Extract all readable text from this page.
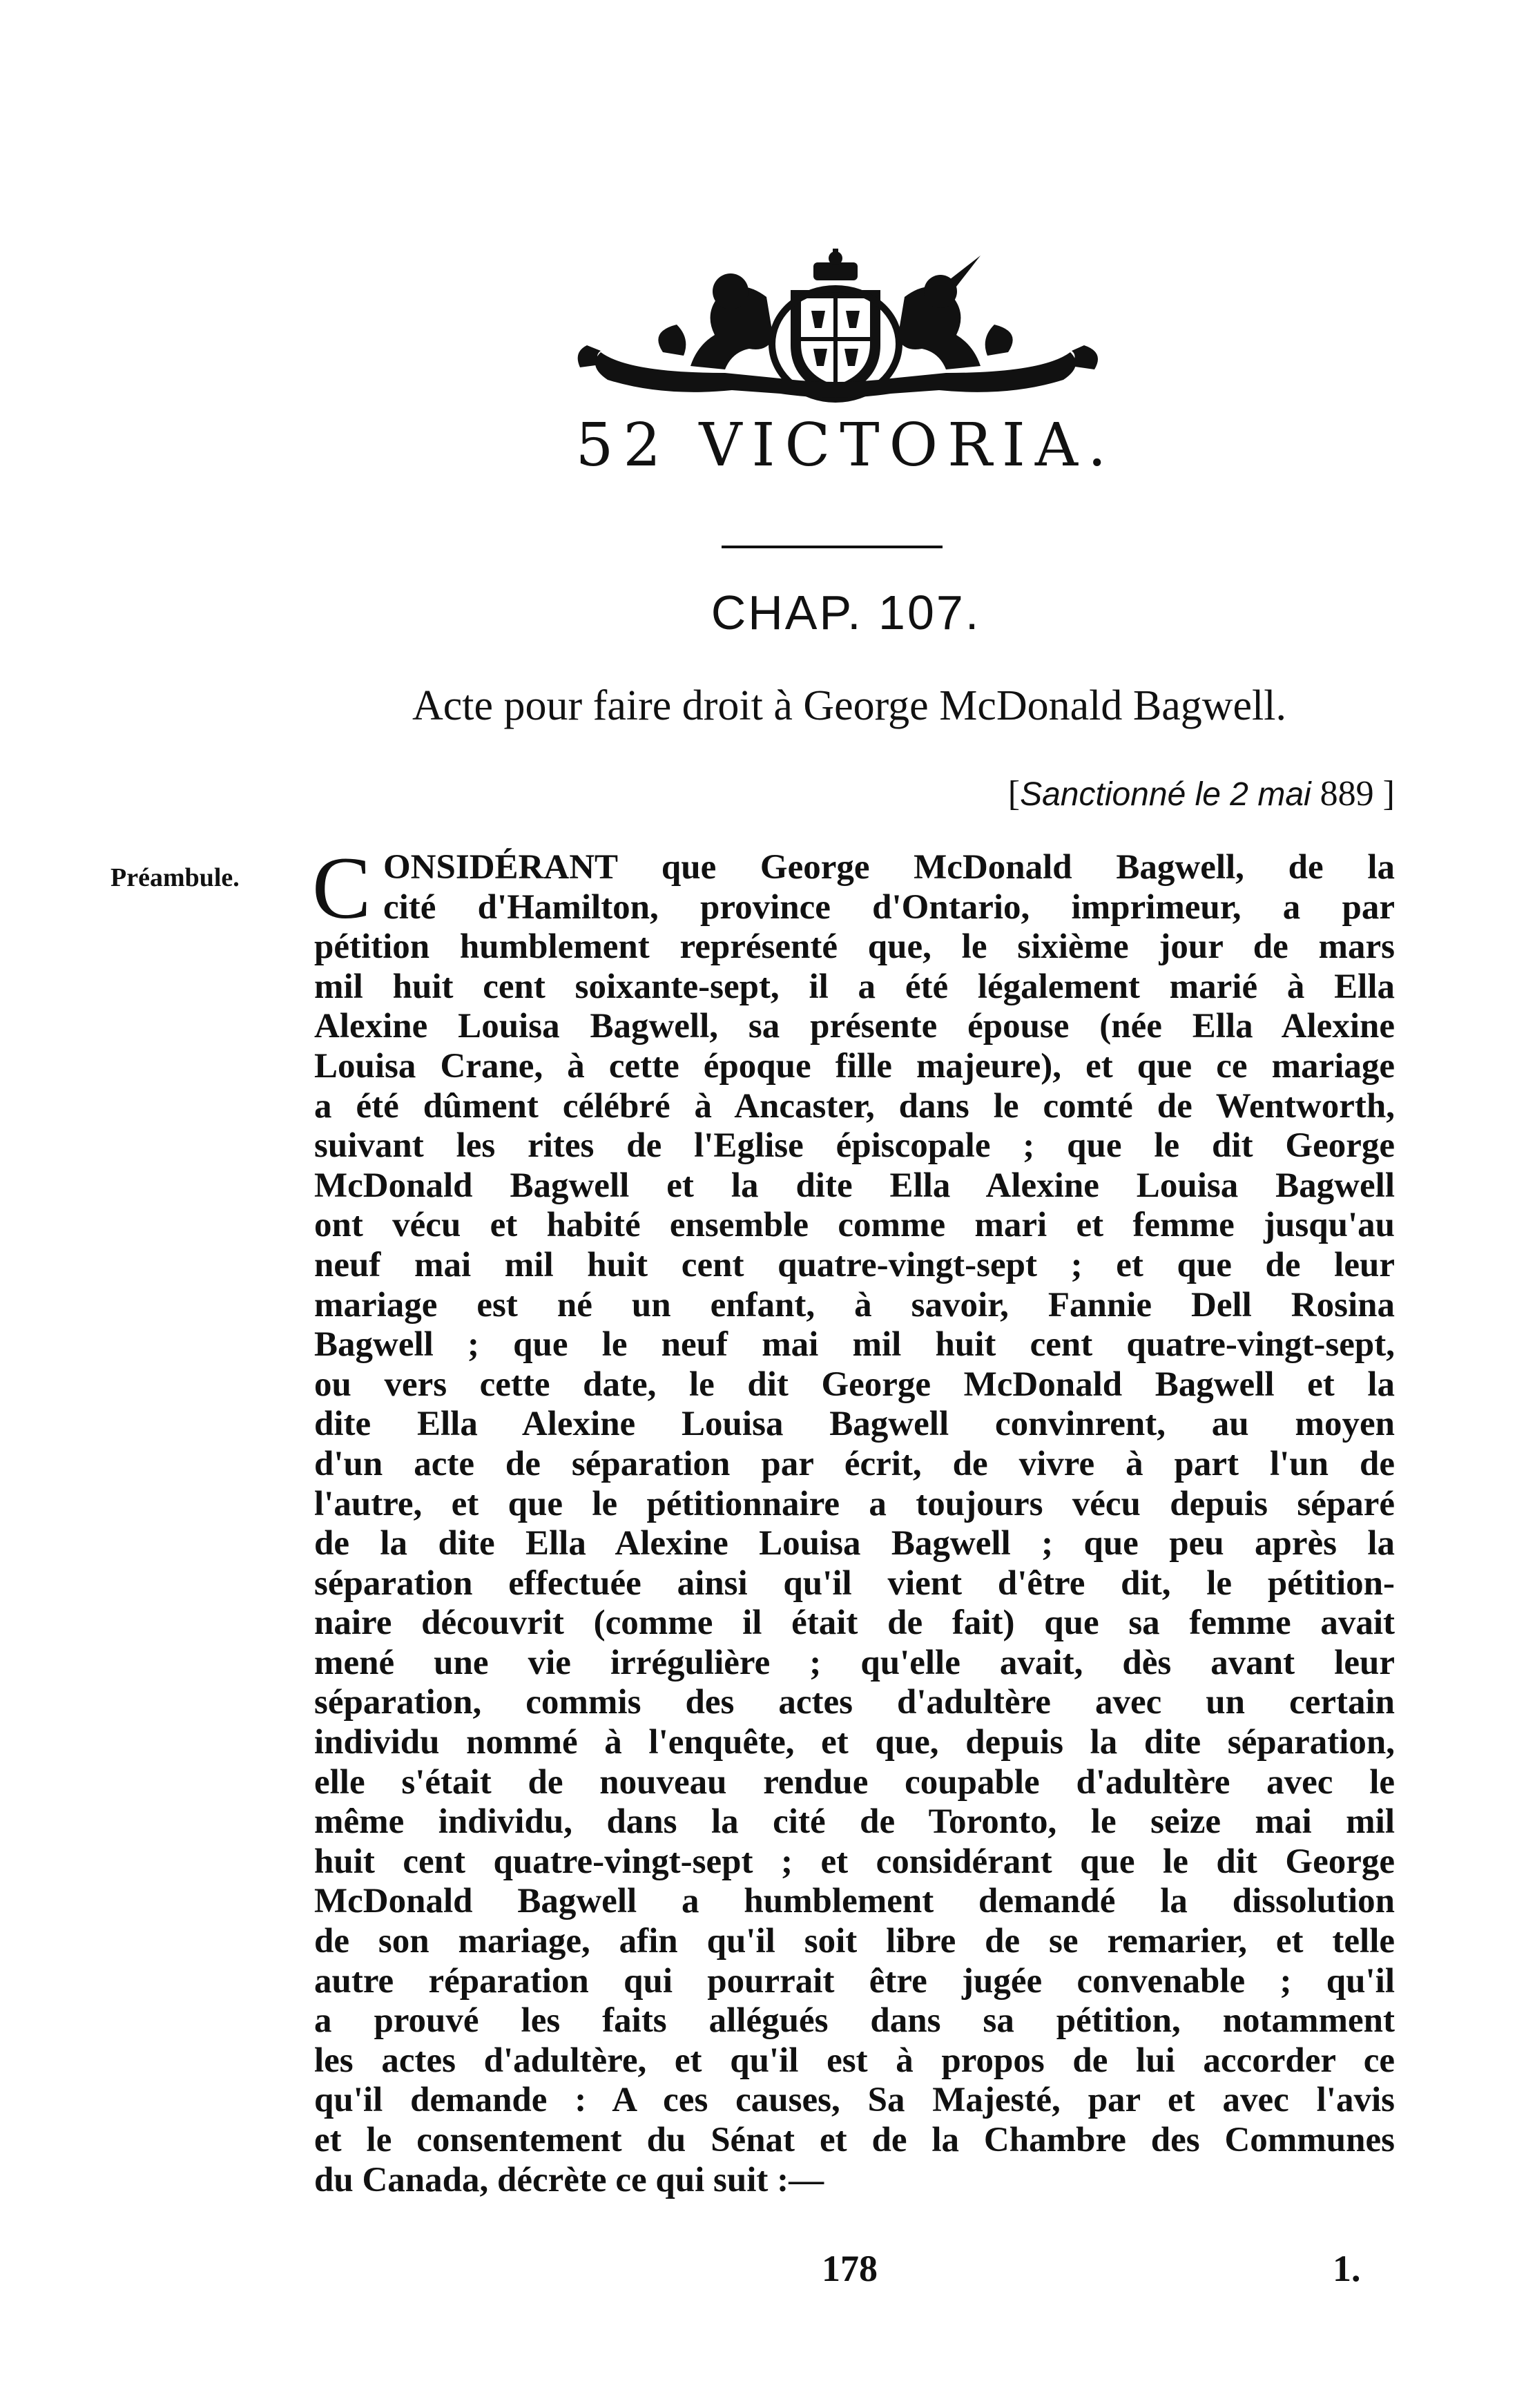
52 VICTORIA.
CHAP. 107.
Acte pour faire droit à George McDonald Bagwell.
[Sanctionné le 2 mai 889 ]
Préambule. C ONSIDÉRANT que George McDonald Bagwell, de la
cité d'Hamilton, province d'Ontario, imprimeur, a par
pétition humblement représenté que, le sixième jour de mars
mil huit cent soixante-sept, il a été légalement marié à Ella
Alexine Louisa Bagwell, sa présente épouse (née Ella Alexine
Louisa Crane, à cette époque fille majeure), et que ce mariage
a été dûment célébré à Ancaster, dans le comté de Wentworth,
suivant les rites de l'Eglise épiscopale ; que le dit George
McDonald Bagwell et la dite Ella Alexine Louisa Bagwell
ont vécu et habité ensemble comme mari et femme jusqu'au
neuf mai mil huit cent quatre-vingt-sept ; et que de leur
mariage est né un enfant, à savoir, Fannie Dell Rosina
Bagwell ; que le neuf mai mil huit cent quatre-vingt-sept,
ou vers cette date, le dit George McDonald Bagwell et la
dite Ella Alexine Louisa Bagwell convinrent, au moyen
d'un acte de séparation par écrit, de vivre à part l'un de
l'autre, et que le pétitionnaire a toujours vécu depuis séparé
de la dite Ella Alexine Louisa Bagwell ; que peu après la
séparation effectuée ainsi qu'il vient d'être dit, le pétition-
naire découvrit (comme il était de fait) que sa femme avait
mené une vie irrégulière ; qu'elle avait, dès avant leur
séparation, commis des actes d'adultère avec un certain
individu nommé à l'enquête, et que, depuis la dite séparation,
elle s'était de nouveau rendue coupable d'adultère avec le
même individu, dans la cité de Toronto, le seize mai mil
huit cent quatre-vingt-sept ; et considérant que le dit George
McDonald Bagwell a humblement demandé la dissolution
de son mariage, afin qu'il soit libre de se remarier, et telle
autre réparation qui pourrait être jugée convenable ; qu'il
a prouvé les faits allégués dans sa pétition, notamment
les actes d'adultère, et qu'il est à propos de lui accorder ce
qu'il demande : A ces causes, Sa Majesté, par et avec l'avis
et le consentement du Sénat et de la Chambre des Communes
du Canada, décrète ce qui suit :—
178	1.
